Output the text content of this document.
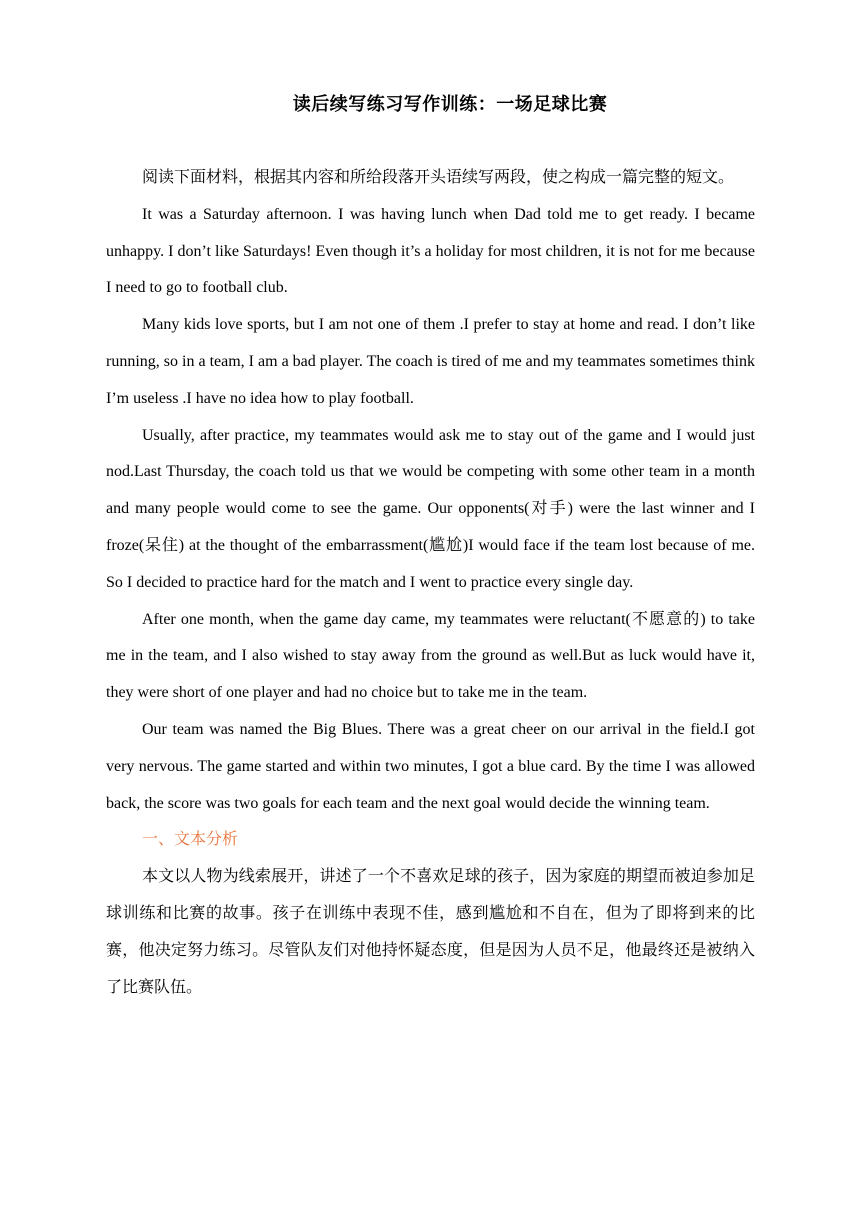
读后续写练习写作训练：一场足球比赛

阅读下面材料，根据其内容和所给段落开头语续写两段，使之构成一篇完整的短文。

It was a Saturday afternoon. I was having lunch when Dad told me to get ready. I became unhappy. I don’t like Saturdays! Even though it’s a holiday for most children, it is not for me because I need to go to football club.

Many kids love sports, but I am not one of them .I prefer to stay at home and read. I don’t like running, so in a team, I am a bad player. The coach is tired of me and my teammates sometimes think I’m useless .I have no idea how to play football.

Usually, after practice, my teammates would ask me to stay out of the game and I would just nod.Last Thursday, the coach told us that we would be competing with some other team in a month and many people would come to see the game. Our opponents(对手) were the last winner and I froze(呆住) at the thought of the embarrassment(尴尬)I would face if the team lost because of me. So I decided to practice hard for the match and I went to practice every single day.

After one month, when the game day came, my teammates were reluctant(不愿意的) to take me in the team, and I also wished to stay away from the ground as well.But as luck would have it, they were short of one player and had no choice but to take me in the team.

Our team was named the Big Blues. There was a great cheer on our arrival in the field.I got very nervous. The game started and within two minutes, I got a blue card. By the time I was allowed back, the score was two goals for each team and the next goal would decide the winning team.

一、文本分析

本文以人物为线索展开，讲述了一个不喜欢足球的孩子，因为家庭的期望而被迫参加足球训练和比赛的故事。孩子在训练中表现不佳，感到尴尬和不自在，但为了即将到来的比赛，他决定努力练习。尽管队友们对他持怀疑态度，但是因为人员不足，他最终还是被纳入了比赛队伍。
